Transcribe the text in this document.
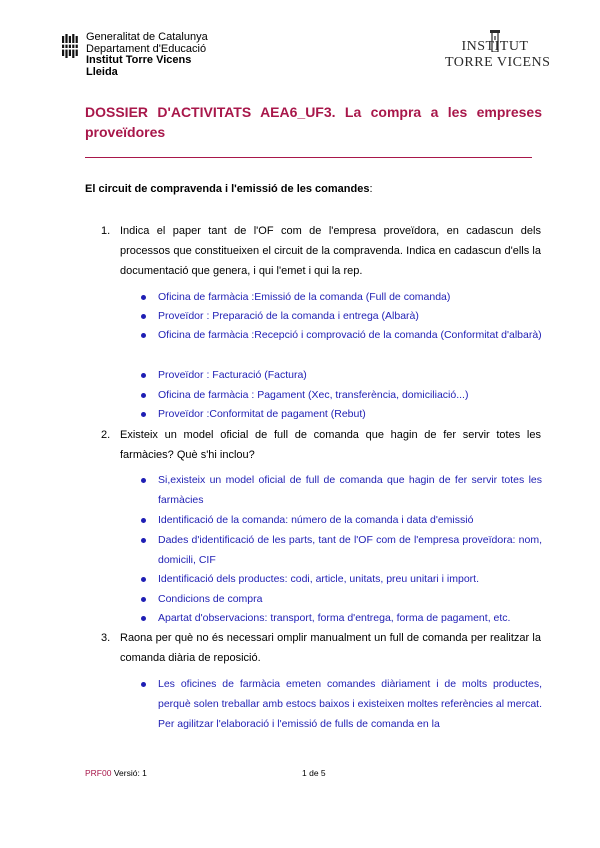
Generalitat de Catalunya
Departament d'Educació
Institut Torre Vicens
Lleida
INSTITUT
TORRE VICENS
DOSSIER D'ACTIVITATS AEA6_UF3. La compra a les empreses proveïdores
El circuit de compravenda i l'emissió de les comandes:
1. Indica el paper tant de l'OF com de l'empresa proveïdora, en cadascun dels processos que constitueixen el circuit de la compravenda. Indica en cadascun d'ells la documentació que genera, i qui l'emet i qui la rep.
Oficina de farmàcia :Emissió de la comanda (Full de comanda)
Proveïdor : Preparació de la comanda i entrega (Albarà)
Oficina de farmàcia :Recepció i comprovació de la comanda (Conformitat d'albarà)
Proveïdor : Facturació (Factura)
Oficina de farmàcia : Pagament (Xec, transferència, domiciliació...)
Proveïdor :Conformitat de pagament (Rebut)
2. Existeix un model oficial de full de comanda que hagin de fer servir totes les farmàcies? Què s'hi inclou?
Si,existeix un model oficial de full de comanda que hagin de fer servir totes les farmàcies
Identificació de la comanda: número de la comanda i data d'emissió
Dades d'identificació de les parts, tant de l'OF com de l'empresa proveïdora: nom, domicili, CIF
Identificació dels productes: codi, article, unitats, preu unitari i import.
Condicions de compra
Apartat d'observacions: transport, forma d'entrega, forma de pagament, etc.
3. Raona per què no és necessari omplir manualment un full de comanda per realitzar la comanda diària de reposició.
Les oficines de farmàcia emeten comandes diàriament i de molts productes, perquè solen treballar amb estocs baixos i existeixen moltes referències al mercat. Per agilitzar l'elaboració i l'emissió de fulls de comanda en la
PRF00 Versió: 1	1 de 5
